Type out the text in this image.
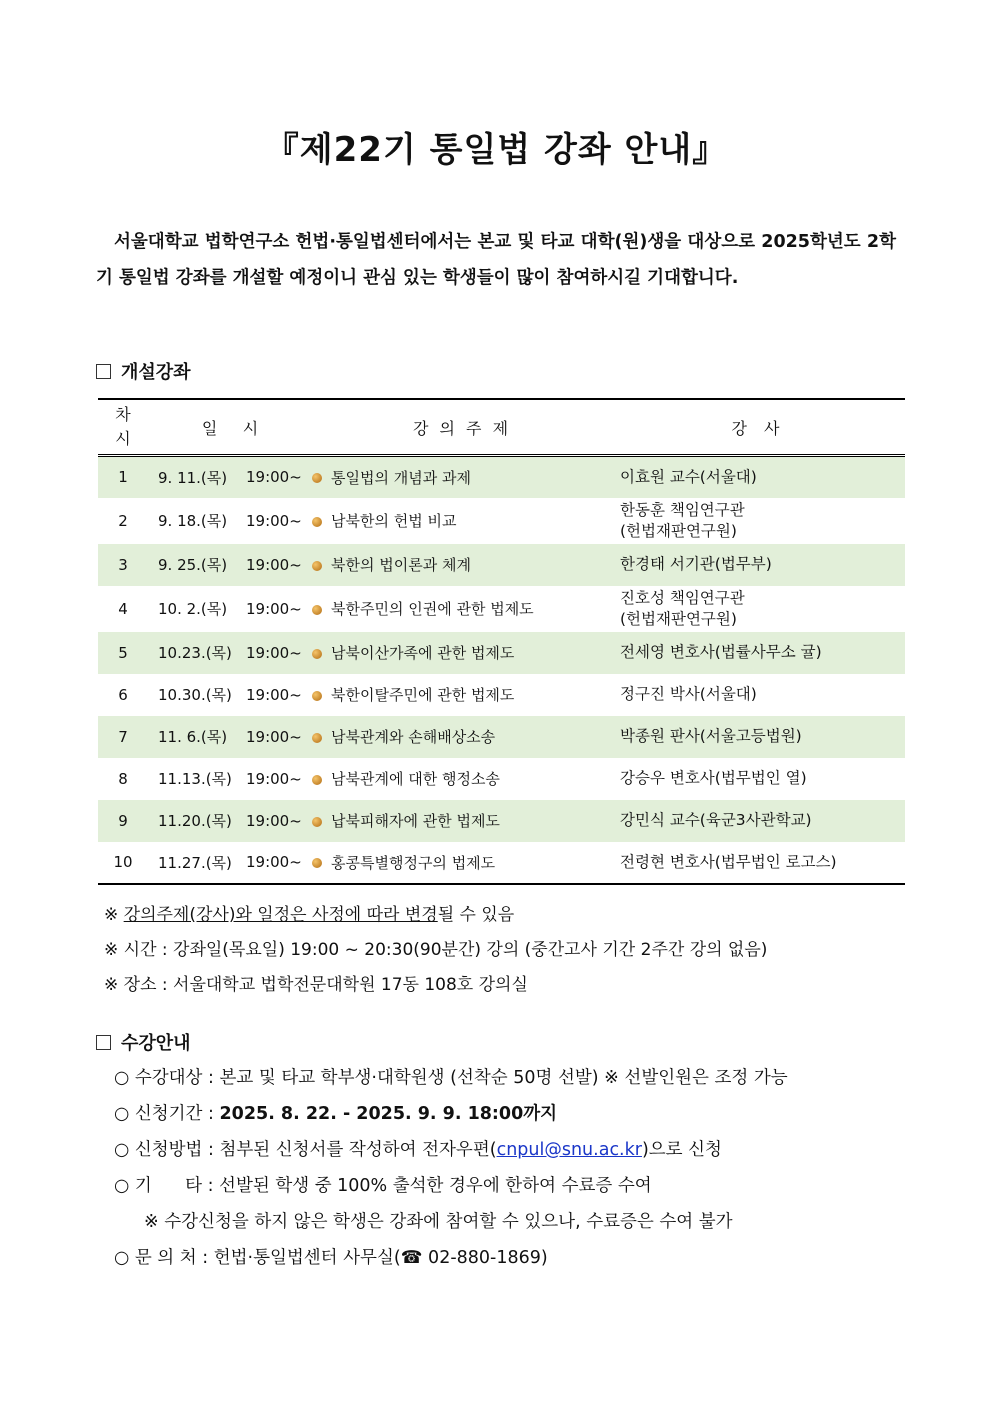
『제22기 통일법 강좌 안내』

서울대학교 법학연구소 헌법·통일법센터에서는 본교 및 타교 대학(원)생을 대상으로 2025학년도 2학기 통일법 강좌를 개설할 예정이니 관심 있는 학생들이 많이 참여하시길 기대합니다.

개설강좌
차시	일     시		강 의 주 제	강 사
1	9. 11.(목)	19:00~	통일법의 개념과 과제	이효원 교수(서울대)

2	9. 18.(목)	19:00~	남북한의 헌법 비교	한동훈 책임연구관
(헌법재판연구원)

3	9. 25.(목)	19:00~	북한의 법이론과 체계	한경태 서기관(법무부)

4	10. 2.(목)	19:00~	북한주민의 인권에 관한 법제도	진호성 책임연구관
(헌법재판연구원)

5	10.23.(목)	19:00~	남북이산가족에 관한 법제도	전세영 변호사(법률사무소 귤)

6	10.30.(목)	19:00~	북한이탈주민에 관한 법제도	정구진 박사(서울대)

7	11. 6.(목)	19:00~	남북관계와 손해배상소송	박종원 판사(서울고등법원)

8	11.13.(목)	19:00~	남북관계에 대한 행정소송	강승우 변호사(법무법인 열)

9	11.20.(목)	19:00~	납북피해자에 관한 법제도	강민식 교수(육군3사관학교)

10	11.27.(목)	19:00~	홍콩특별행정구의 법제도	전령현 변호사(법무법인 로고스)
※ 강의주제(강사)와 일정은 사정에 따라 변경될 수 있음
※ 시간 : 강좌일(목요일) 19:00 ~ 20:30(90분간) 강의 (중간고사 기간 2주간 강의 없음)
※ 장소 : 서울대학교 법학전문대학원 17동 108호 강의실
수강안내
○ 수강대상 : 본교 및 타교 학부생·대학원생 (선착순 50명 선발) ※ 선발인원은 조정 가능
○ 신청기간 : 2025. 8. 22. - 2025. 9. 9. 18:00까지
○ 신청방법 : 첨부된 신청서를 작성하여 전자우편(cnpul@snu.ac.kr)으로 신청
○ 기      타 : 선발된 학생 중 100% 출석한 경우에 한하여 수료증 수여
※ 수강신청을 하지 않은 학생은 강좌에 참여할 수 있으나, 수료증은 수여 불가
○ 문 의 처 : 헌법·통일법센터 사무실(☎ 02-880-1869)
